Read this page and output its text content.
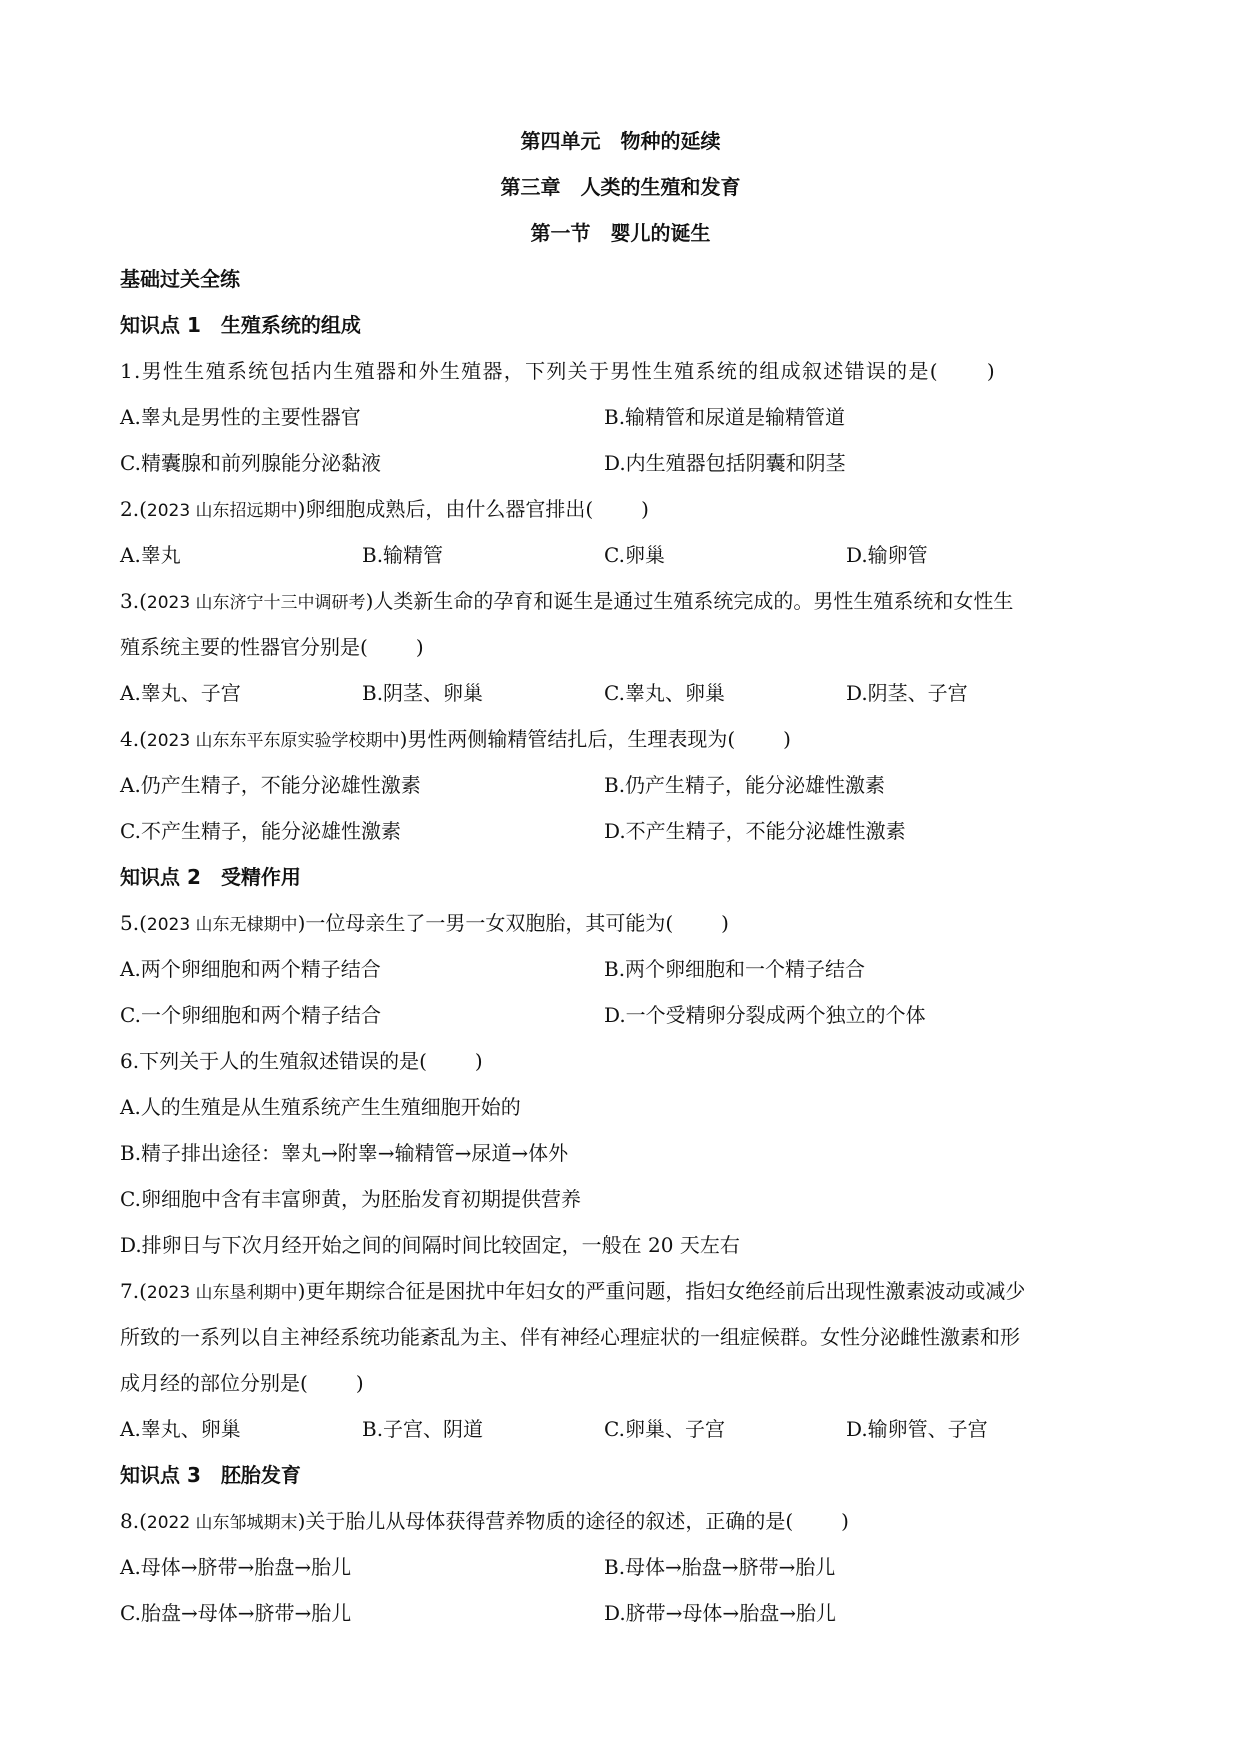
第四单元　物种的延续
第三章　人类的生殖和发育
第一节　婴儿的诞生
基础过关全练
知识点 1　生殖系统的组成
1.男性生殖系统包括内生殖器和外生殖器，下列关于男性生殖系统的组成叙述错误的是( )
A.睾丸是男性的主要性器官	B.输精管和尿道是输精管道
C.精囊腺和前列腺能分泌黏液	D.内生殖器包括阴囊和阴茎
2.(2023 山东招远期中)卵细胞成熟后，由什么器官排出( )
A.睾丸	B.输精管	C.卵巢	D.输卵管
3.(2023 山东济宁十三中调研考)人类新生命的孕育和诞生是通过生殖系统完成的。男性生殖系统和女性生
殖系统主要的性器官分别是( )
A.睾丸、子宫	B.阴茎、卵巢	C.睾丸、卵巢	D.阴茎、子宫
4.(2023 山东东平东原实验学校期中)男性两侧输精管结扎后，生理表现为( )
A.仍产生精子，不能分泌雄性激素	B.仍产生精子，能分泌雄性激素
C.不产生精子，能分泌雄性激素	D.不产生精子，不能分泌雄性激素
知识点 2　受精作用
5.(2023 山东无棣期中)一位母亲生了一男一女双胞胎，其可能为( )
A.两个卵细胞和两个精子结合	B.两个卵细胞和一个精子结合
C.一个卵细胞和两个精子结合	D.一个受精卵分裂成两个独立的个体
6.下列关于人的生殖叙述错误的是( )
A.人的生殖是从生殖系统产生生殖细胞开始的
B.精子排出途径：睾丸→附睾→输精管→尿道→体外
C.卵细胞中含有丰富卵黄，为胚胎发育初期提供营养
D.排卵日与下次月经开始之间的间隔时间比较固定，一般在 20 天左右
7.(2023 山东垦利期中)更年期综合征是困扰中年妇女的严重问题，指妇女绝经前后出现性激素波动或减少
所致的一系列以自主神经系统功能紊乱为主、伴有神经心理症状的一组症候群。女性分泌雌性激素和形
成月经的部位分别是( )
A.睾丸、卵巢	B.子宫、阴道	C.卵巢、子宫	D.输卵管、子宫
知识点 3　胚胎发育
8.(2022 山东邹城期末)关于胎儿从母体获得营养物质的途径的叙述，正确的是( )
A.母体→脐带→胎盘→胎儿	B.母体→胎盘→脐带→胎儿
C.胎盘→母体→脐带→胎儿	D.脐带→母体→胎盘→胎儿
